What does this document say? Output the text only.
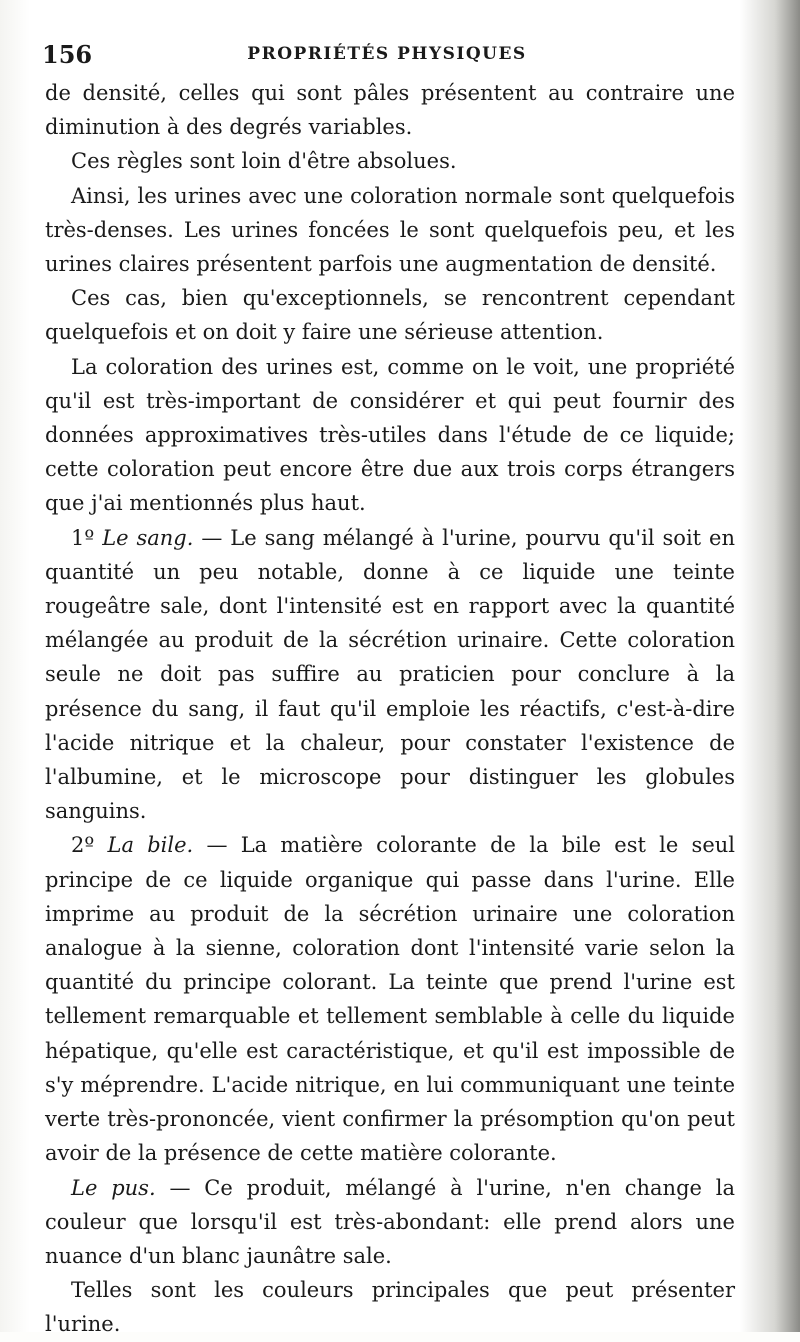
156	PROPRIÉTÉS PHYSIQUES

de densité, celles qui sont pâles présentent au contraire une diminution à des degrés variables.

Ces règles sont loin d'être absolues.

Ainsi, les urines avec une coloration normale sont quelquefois très-denses. Les urines foncées le sont quelquefois peu, et les urines claires présentent parfois une augmentation de densité.

Ces cas, bien qu'exceptionnels, se rencontrent cependant quelquefois et on doit y faire une sérieuse attention.

La coloration des urines est, comme on le voit, une propriété qu'il est très-important de considérer et qui peut fournir des données approximatives très-utiles dans l'étude de ce liquide; cette coloration peut encore être due aux trois corps étrangers que j'ai mentionnés plus haut.

1º Le sang. — Le sang mélangé à l'urine, pourvu qu'il soit en quantité un peu notable, donne à ce liquide une teinte rougeâtre sale, dont l'intensité est en rapport avec la quantité mélangée au produit de la sécrétion urinaire. Cette coloration seule ne doit pas suffire au praticien pour conclure à la présence du sang, il faut qu'il emploie les réactifs, c'est-à-dire l'acide nitrique et la chaleur, pour constater l'existence de l'albumine, et le microscope pour distinguer les globules sanguins.

2º La bile. — La matière colorante de la bile est le seul principe de ce liquide organique qui passe dans l'urine. Elle imprime au produit de la sécrétion urinaire une coloration analogue à la sienne, coloration dont l'intensité varie selon la quantité du principe colorant. La teinte que prend l'urine est tellement remarquable et tellement semblable à celle du liquide hépatique, qu'elle est caractéristique, et qu'il est impossible de s'y méprendre. L'acide nitrique, en lui communiquant une teinte verte très-prononcée, vient confirmer la présomption qu'on peut avoir de la présence de cette matière colorante.

Le pus. — Ce produit, mélangé à l'urine, n'en change la couleur que lorsqu'il est très-abondant: elle prend alors une nuance d'un blanc jaunâtre sale.

Telles sont les couleurs principales que peut présenter l'urine.
